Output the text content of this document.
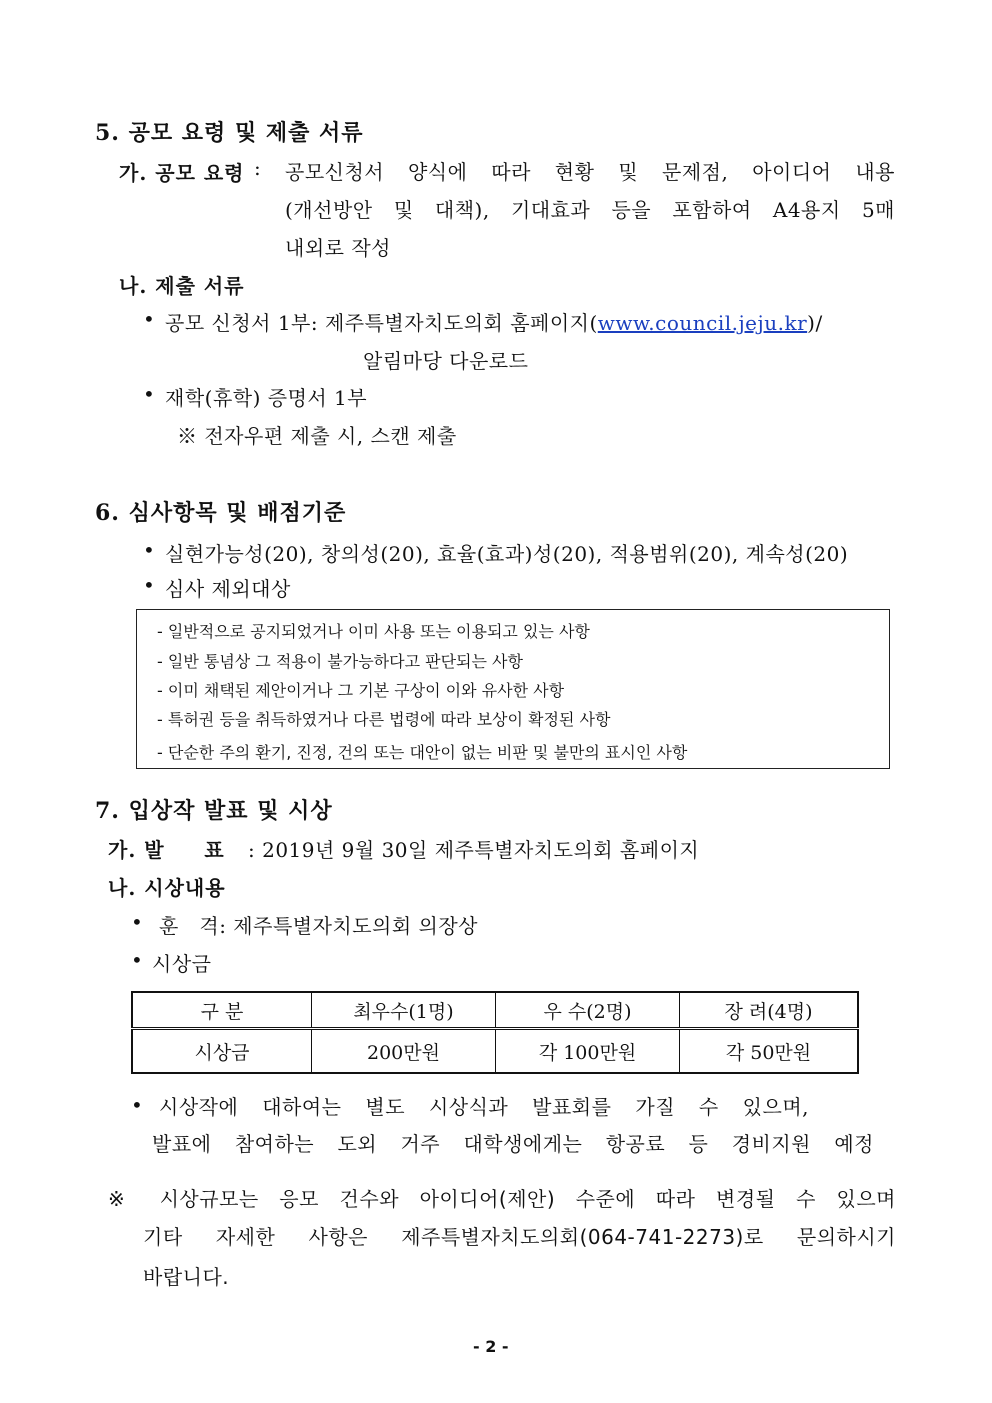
5. 공모 요령 및 제출 서류
가. 공모 요령 : 공모신청서 양식에 따라 현황 및 문제점, 아이디어 내용
(개선방안 및 대책), 기대효과 등을 포함하여 A4용지 5매
내외로 작성
나. 제출 서류
• 공모 신청서 1부: 제주특별자치도의회 홈페이지(www.council.jeju.kr)/
알림마당 다운로드
• 재학(휴학) 증명서 1부
※ 전자우편 제출 시, 스캔 제출
6. 심사항목 및 배점기준
• 실현가능성(20), 창의성(20), 효율(효과)성(20), 적용범위(20), 계속성(20)
• 심사 제외대상
- 일반적으로 공지되었거나 이미 사용 또는 이용되고 있는 사항
- 일반 통념상 그 적용이 불가능하다고 판단되는 사항
- 이미 채택된 제안이거나 그 기본 구상이 이와 유사한 사항
- 특허권 등을 취득하였거나 다른 법령에 따라 보상이 확정된 사항
- 단순한 주의 환기, 진정, 건의 또는 대안이 없는 비판 및 불만의 표시인 사항
7. 입상작 발표 및 시상
가. 발     표 : 2019년 9월 30일 제주특별자치도의회 홈페이지
나. 시상내용
• 훈   격: 제주특별자치도의회 의장상
• 시상금
구 분	최우수(1명)	우 수(2명)	장 려(4명)
시상금	200만원	각 100만원	각 50만원
• 시상작에 대하여는 별도 시상식과 발표회를 가질 수 있으며,
발표에 참여하는 도외 거주 대학생에게는 항공료 등 경비지원 예정
※ 시상규모는 응모 건수와 아이디어(제안) 수준에 따라 변경될 수 있으며
기타 자세한 사항은 제주특별자치도의회(064-741-2273)로 문의하시기
바랍니다.
- 2 -
